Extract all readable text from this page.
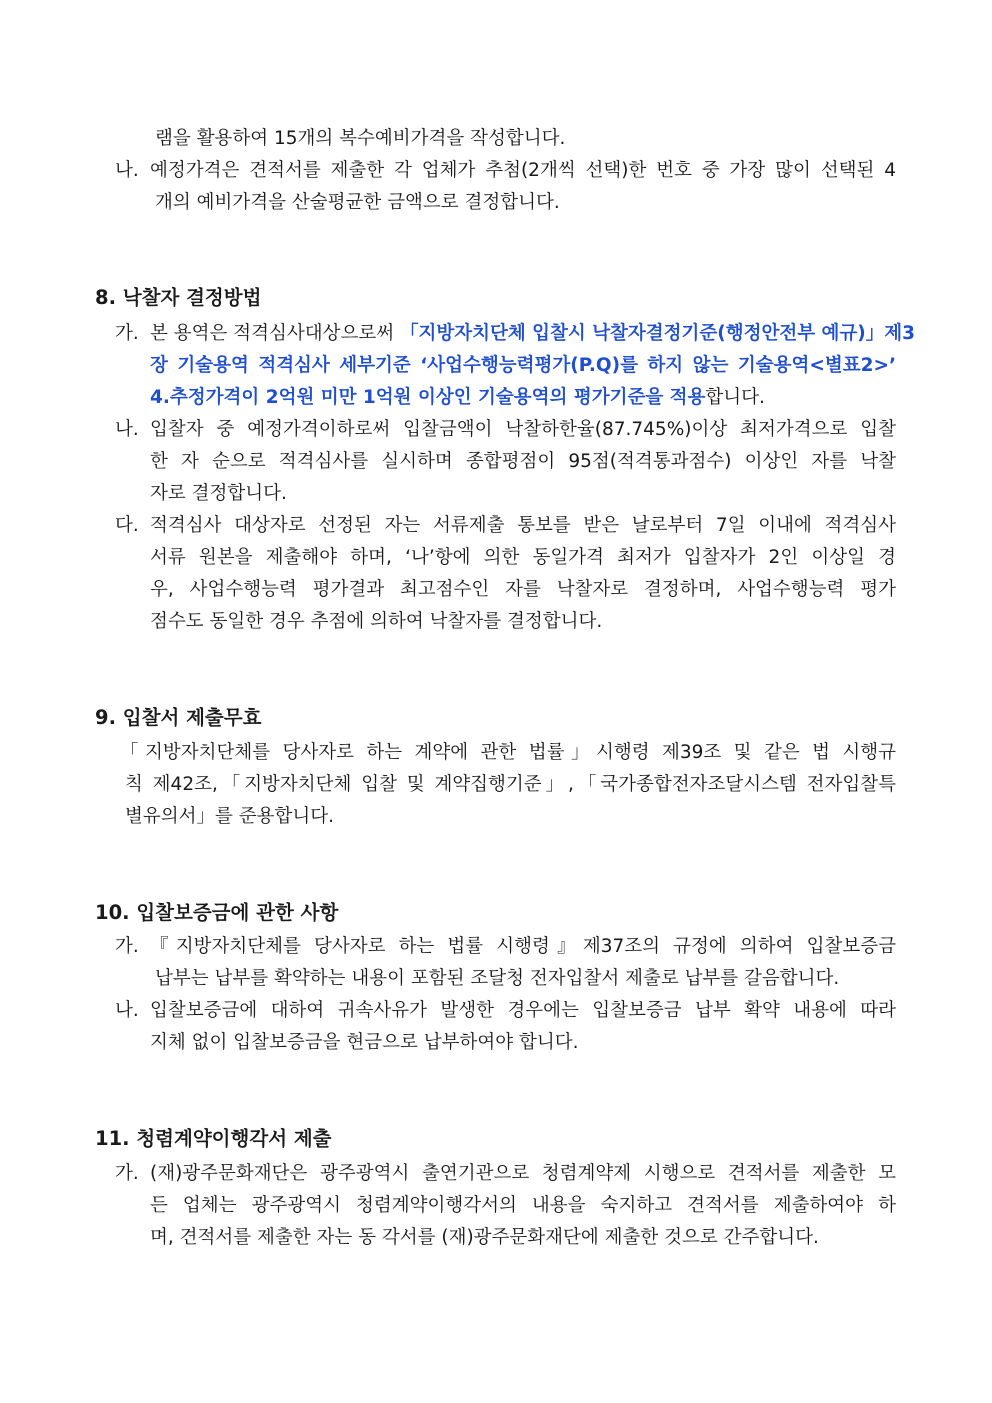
램을 활용하여 15개의 복수예비가격을 작성합니다.
나. 예정가격은 견적서를 제출한 각 업체가 추첨(2개씩 선택)한 번호 중 가장 많이 선택된 4
개의 예비가격을 산술평균한 금액으로 결정합니다.
8. 낙찰자 결정방법
가. 본 용역은 적격심사대상으로써 「지방자치단체 입찰시 낙찰자결정기준(행정안전부 예규)」제3
장 기술용역 적격심사 세부기준 ‘사업수행능력평가(P.Q)를 하지 않는 기술용역<별표2>’
4.추정가격이 2억원 미만 1억원 이상인 기술용역의 평가기준을 적용합니다.
나. 입찰자 중 예정가격이하로써 입찰금액이 낙찰하한율(87.745%)이상 최저가격으로 입찰
한 자 순으로 적격심사를 실시하며 종합평점이 95점(적격통과점수) 이상인 자를 낙찰
자로 결정합니다.
다. 적격심사 대상자로 선정된 자는 서류제출 통보를 받은 날로부터 7일 이내에 적격심사
서류 원본을 제출해야 하며, ‘나’항에 의한 동일가격 최저가 입찰자가 2인 이상일 경
우, 사업수행능력 평가결과 최고점수인 자를 낙찰자로 결정하며, 사업수행능력 평가
점수도 동일한 경우 추점에 의하여 낙찰자를 결정합니다.
9. 입찰서 제출무효
「지방자치단체를 당사자로 하는 계약에 관한 법률」시행령 제39조 및 같은 법 시행규
칙 제42조,「지방자치단체 입찰 및 계약집행기준」,「국가종합전자조달시스템 전자입찰특
별유의서」를 준용합니다.
10. 입찰보증금에 관한 사항
가. 『지방자치단체를 당사자로 하는 법률 시행령』제37조의 규정에 의하여 입찰보증금
납부는 납부를 확약하는 내용이 포함된 조달청 전자입찰서 제출로 납부를 갈음합니다.
나. 입찰보증금에 대하여 귀속사유가 발생한 경우에는 입찰보증금 납부 확약 내용에 따라
지체 없이 입찰보증금을 현금으로 납부하여야 합니다.
11. 청렴계약이행각서 제출
가. (재)광주문화재단은 광주광역시 출연기관으로 청렴계약제 시행으로 견적서를 제출한 모
든 업체는 광주광역시 청렴계약이행각서의 내용을 숙지하고 견적서를 제출하여야 하
며, 견적서를 제출한 자는 동 각서를 (재)광주문화재단에 제출한 것으로 간주합니다.
